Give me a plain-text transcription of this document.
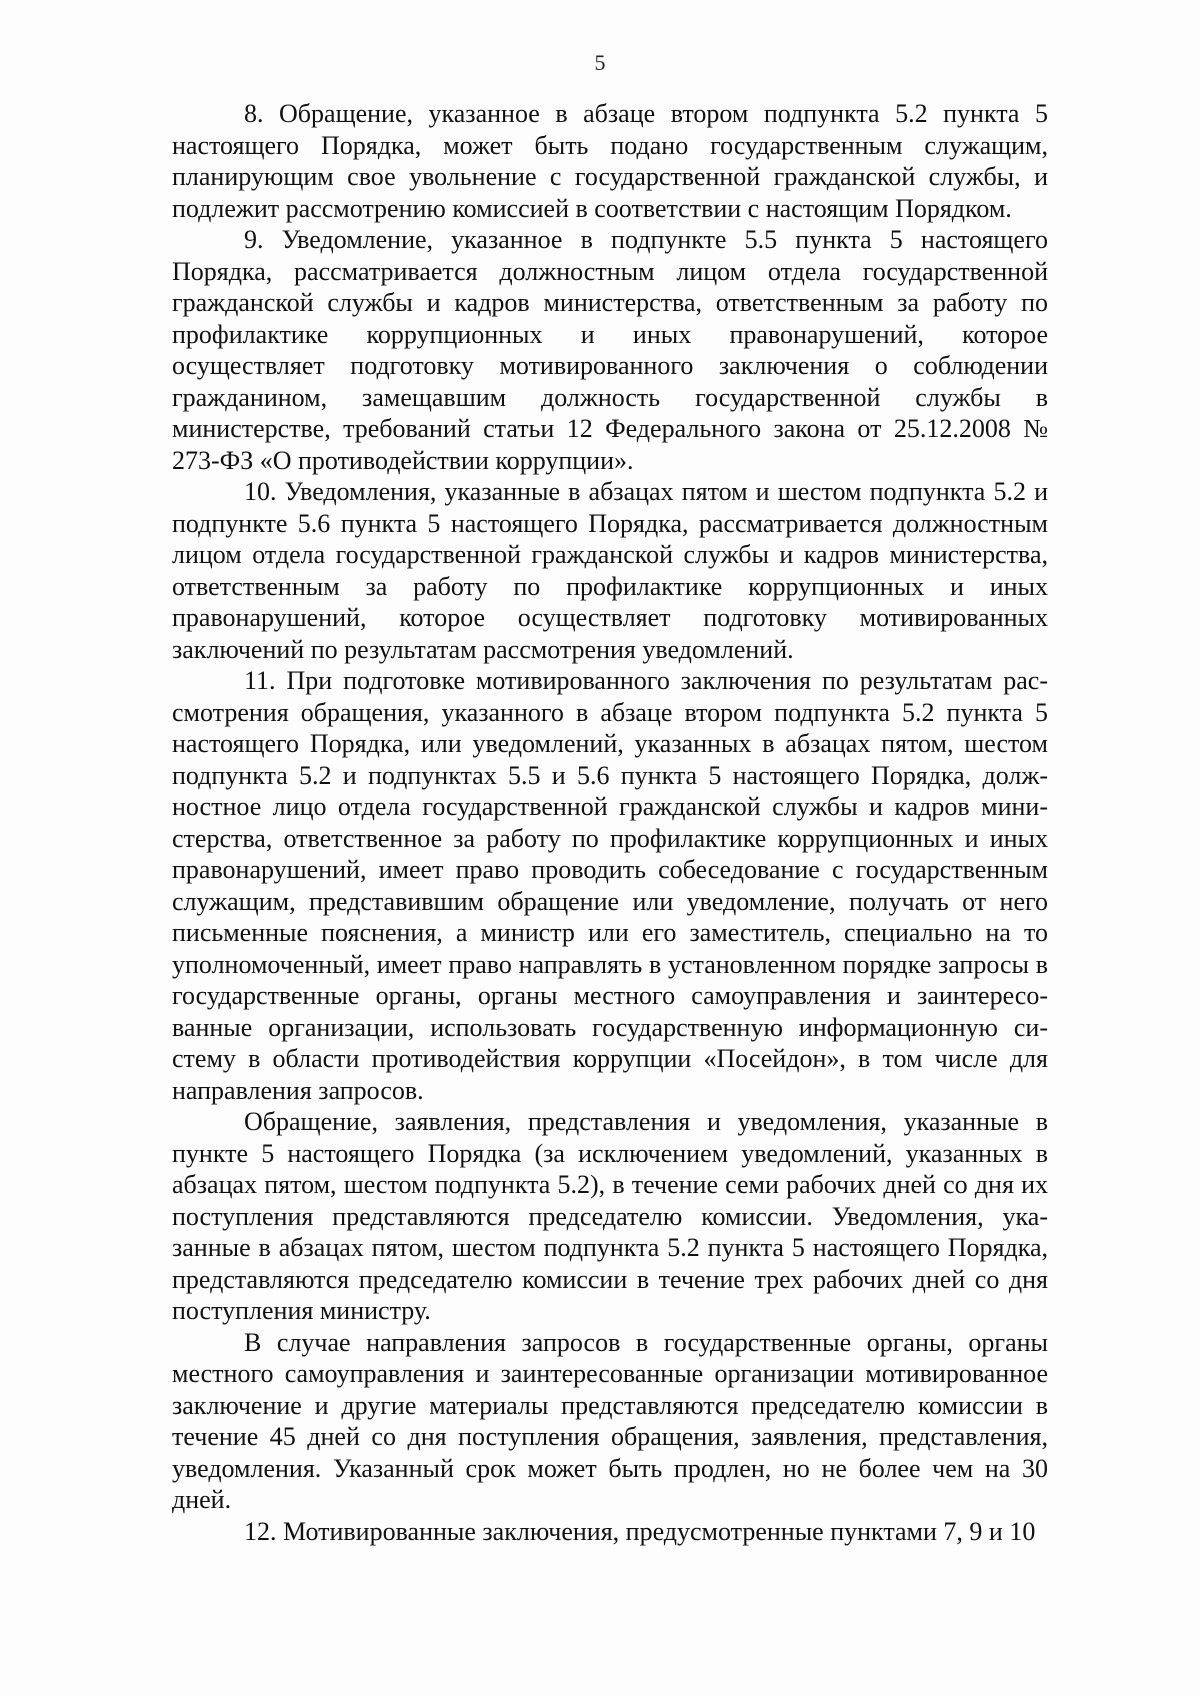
5

8. Обращение, указанное в абзаце втором подпункта 5.2 пункта 5 настоящего Порядка, может быть подано государственным служащим, планирующим свое увольнение с государственной гражданской службы, и подлежит рассмотрению комиссией в соответствии с настоящим Порядком.

9. Уведомление, указанное в подпункте 5.5 пункта 5 настоящего Порядка, рассматривается должностным лицом отдела государственной гражданской службы и кадров министерства, ответственным за работу по профилактике коррупционных и иных правонарушений, которое осуществляет подготовку мотивированного заключения о соблюдении гражданином, замещавшим должность государственной службы в министерстве, требований статьи 12 Федерального закона от 25.12.2008 № 273-ФЗ «О противодействии коррупции».

10. Уведомления, указанные в абзацах пятом и шестом подпункта 5.2 и подпункте 5.6 пункта 5 настоящего Порядка, рассматривается должностным лицом отдела государственной гражданской службы и кадров министерства, ответственным за работу по профилактике коррупционных и иных правонарушений, которое осуществляет подготовку мотивированных заключений по результатам рассмотрения уведомлений.

11. При подготовке мотивированного заключения по результатам рассмотрения обращения, указанного в абзаце втором подпункта 5.2 пункта 5 настоящего Порядка, или уведомлений, указанных в абзацах пятом, шестом подпункта 5.2 и подпунктах 5.5 и 5.6 пункта 5 настоящего Порядка, должностное лицо отдела государственной гражданской службы и кадров министерства, ответственное за работу по профилактике коррупционных и иных правонарушений, имеет право проводить собеседование с государственным служащим, представившим обращение или уведомление, получать от него письменные пояснения, а министр или его заместитель, специально на то уполномоченный, имеет право направлять в установленном порядке запросы в государственные органы, органы местного самоуправления и заинтересованные организации, использовать государственную информационную систему в области противодействия коррупции «Посейдон», в том числе для направления запросов.

Обращение, заявления, представления и уведомления, указанные в пункте 5 настоящего Порядка (за исключением уведомлений, указанных в абзацах пятом, шестом подпункта 5.2), в течение семи рабочих дней со дня их поступления представляются председателю комиссии. Уведомления, указанные в абзацах пятом, шестом подпункта 5.2 пункта 5 настоящего Порядка, представляются председателю комиссии в течение трех рабочих дней со дня поступления министру.

В случае направления запросов в государственные органы, органы местного самоуправления и заинтересованные организации мотивированное заключение и другие материалы представляются председателю комиссии в течение 45 дней со дня поступления обращения, заявления, представления, уведомления. Указанный срок может быть продлен, но не более чем на 30 дней.

12. Мотивированные заключения, предусмотренные пунктами 7, 9 и 10
